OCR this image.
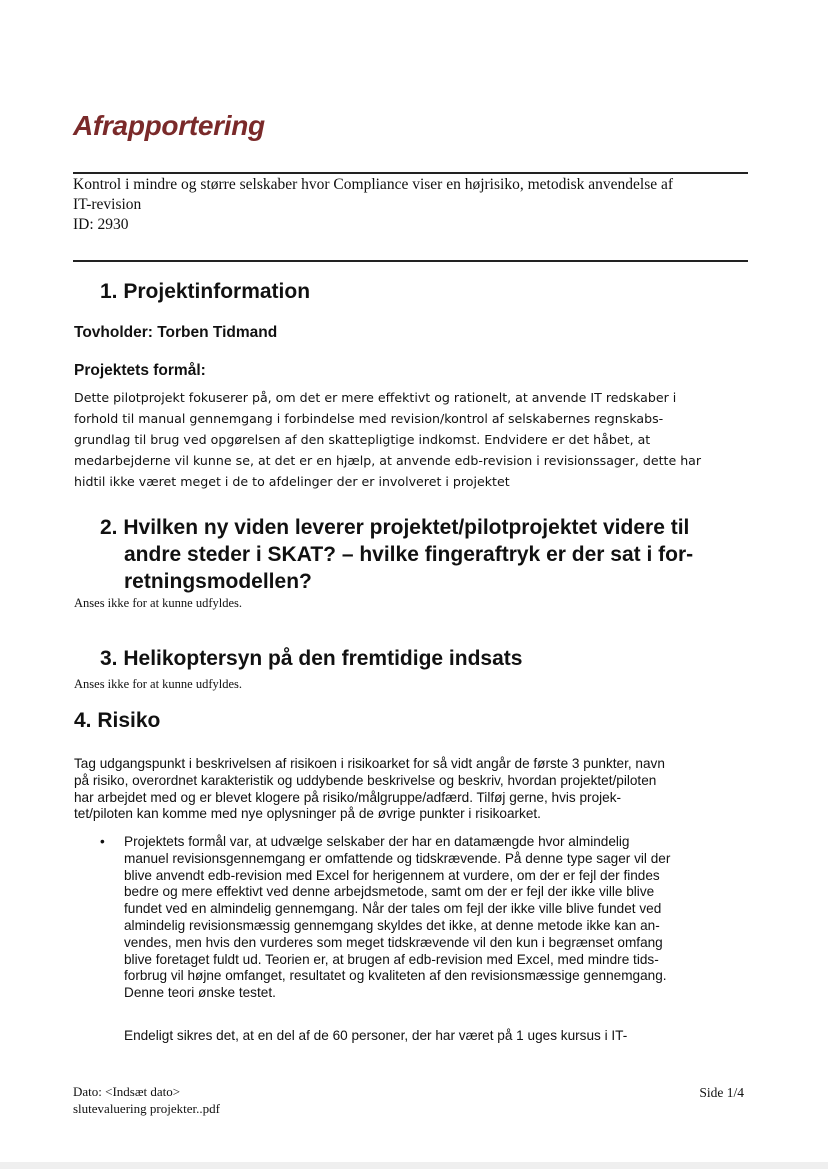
Afrapportering
Kontrol i mindre og større selskaber hvor Compliance viser en højrisiko, metodisk anvendelse af
IT-revision
ID: 2930
1. Projektinformation

Tovholder: Torben Tidmand

Projektets formål:

Dette pilotprojekt fokuserer på, om det er mere effektivt og rationelt, at anvende IT redskaber i
forhold til manual gennemgang i forbindelse med revision/kontrol af selskabernes regnskabs-
grundlag til brug ved opgørelsen af den skattepligtige indkomst. Endvidere er det håbet, at
medarbejderne vil kunne se, at det er en hjælp, at anvende edb-revision i revisionssager, dette har
hidtil ikke været meget i de to afdelinger der er involveret i projektet
2. Hvilken ny viden leverer projektet/pilotprojektet videre til
andre steder i SKAT? – hvilke fingeraftryk er der sat i for-
retningsmodellen?

Anses ikke for at kunne udfyldes.

3. Helikoptersyn på den fremtidige indsats

Anses ikke for at kunne udfyldes.

4. Risiko
Tag udgangspunkt i beskrivelsen af risikoen i risikoarket for så vidt angår de første 3 punkter, navn
på risiko, overordnet karakteristik og uddybende beskrivelse og beskriv, hvordan projektet/piloten
har arbejdet med og er blevet klogere på risiko/målgruppe/adfærd. Tilføj gerne, hvis projek-
tet/piloten kan komme med nye oplysninger på de øvrige punkter i risikoarket.
• Projektets formål var, at udvælge selskaber der har en datamængde hvor almindelig
manuel revisionsgennemgang er omfattende og tidskrævende. På denne type sager vil der
blive anvendt edb-revision med Excel for herigennem at vurdere, om der er fejl der findes
bedre og mere effektivt ved denne arbejdsmetode, samt om der er fejl der ikke ville blive
fundet ved en almindelig gennemgang. Når der tales om fejl der ikke ville blive fundet ved
almindelig revisionsmæssig gennemgang skyldes det ikke, at denne metode ikke kan an-
vendes, men hvis den vurderes som meget tidskrævende vil den kun i begrænset omfang
blive foretaget fuldt ud. Teorien er, at brugen af edb-revision med Excel, med mindre tids-
forbrug vil højne omfanget, resultatet og kvaliteten af den revisionsmæssige gennemgang.
Denne teori ønske testet.

Endeligt sikres det, at en del af de 60 personer, der har været på 1 uges kursus i IT-

Dato: <Indsæt dato>
slutevaluering projekter..pdf
Side 1/4
